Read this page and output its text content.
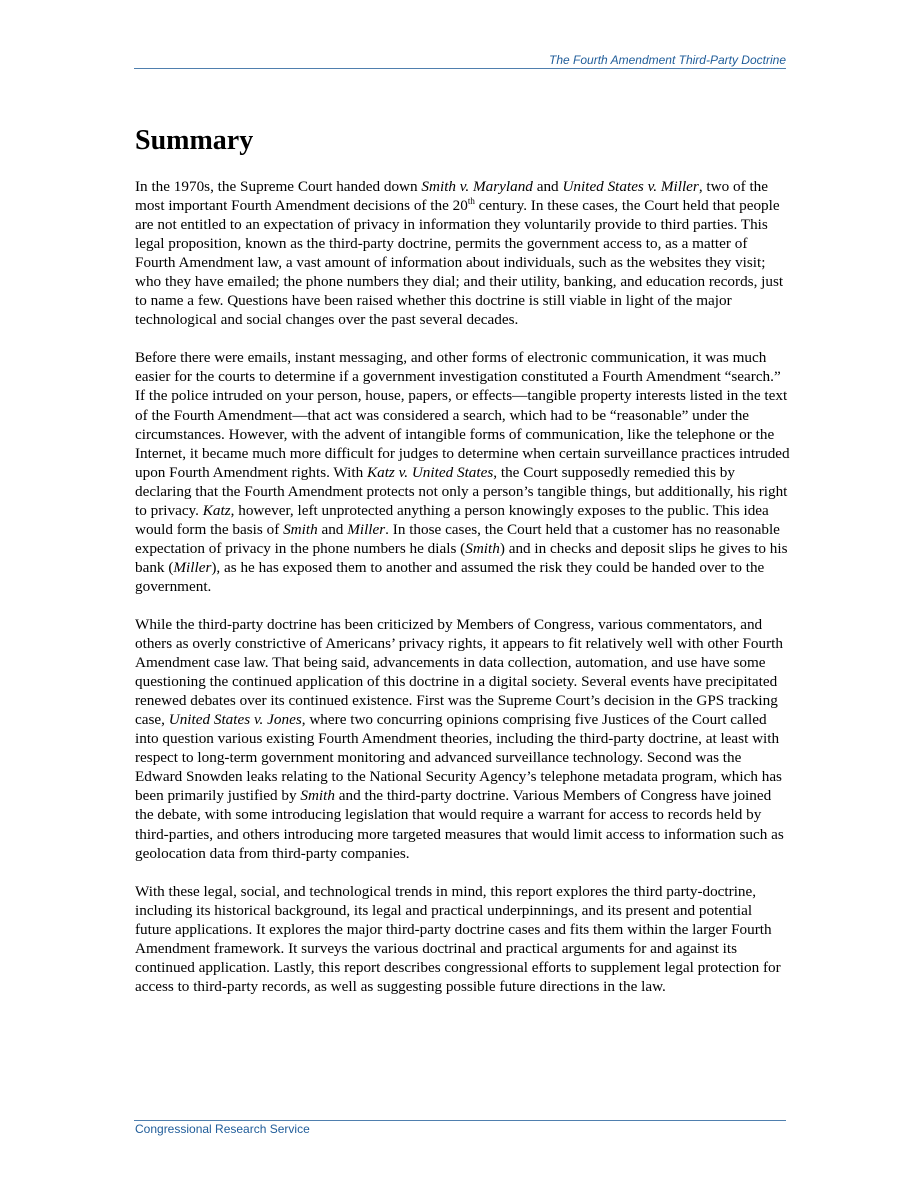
The Fourth Amendment Third-Party Doctrine
Summary

In the 1970s, the Supreme Court handed down Smith v. Maryland and United States v. Miller, two of the most important Fourth Amendment decisions of the 20th century. In these cases, the Court held that people are not entitled to an expectation of privacy in information they voluntarily provide to third parties. This legal proposition, known as the third-party doctrine, permits the government access to, as a matter of Fourth Amendment law, a vast amount of information about individuals, such as the websites they visit; who they have emailed; the phone numbers they dial; and their utility, banking, and education records, just to name a few. Questions have been raised whether this doctrine is still viable in light of the major technological and social changes over the past several decades.

Before there were emails, instant messaging, and other forms of electronic communication, it was much easier for the courts to determine if a government investigation constituted a Fourth Amendment “search.” If the police intruded on your person, house, papers, or effects—tangible property interests listed in the text of the Fourth Amendment—that act was considered a search, which had to be “reasonable” under the circumstances. However, with the advent of intangible forms of communication, like the telephone or the Internet, it became much more difficult for judges to determine when certain surveillance practices intruded upon Fourth Amendment rights. With Katz v. United States, the Court supposedly remedied this by declaring that the Fourth Amendment protects not only a person’s tangible things, but additionally, his right to privacy. Katz, however, left unprotected anything a person knowingly exposes to the public. This idea would form the basis of Smith and Miller. In those cases, the Court held that a customer has no reasonable expectation of privacy in the phone numbers he dials (Smith) and in checks and deposit slips he gives to his bank (Miller), as he has exposed them to another and assumed the risk they could be handed over to the government.

While the third-party doctrine has been criticized by Members of Congress, various commentators, and others as overly constrictive of Americans’ privacy rights, it appears to fit relatively well with other Fourth Amendment case law. That being said, advancements in data collection, automation, and use have some questioning the continued application of this doctrine in a digital society. Several events have precipitated renewed debates over its continued existence. First was the Supreme Court’s decision in the GPS tracking case, United States v. Jones, where two concurring opinions comprising five Justices of the Court called into question various existing Fourth Amendment theories, including the third-party doctrine, at least with respect to long-term government monitoring and advanced surveillance technology. Second was the Edward Snowden leaks relating to the National Security Agency’s telephone metadata program, which has been primarily justified by Smith and the third-party doctrine. Various Members of Congress have joined the debate, with some introducing legislation that would require a warrant for access to records held by third-parties, and others introducing more targeted measures that would limit access to information such as geolocation data from third-party companies.

With these legal, social, and technological trends in mind, this report explores the third party-doctrine, including its historical background, its legal and practical underpinnings, and its present and potential future applications. It explores the major third-party doctrine cases and fits them within the larger Fourth Amendment framework. It surveys the various doctrinal and practical arguments for and against its continued application. Lastly, this report describes congressional efforts to supplement legal protection for access to third-party records, as well as suggesting possible future directions in the law.

Congressional Research Service
